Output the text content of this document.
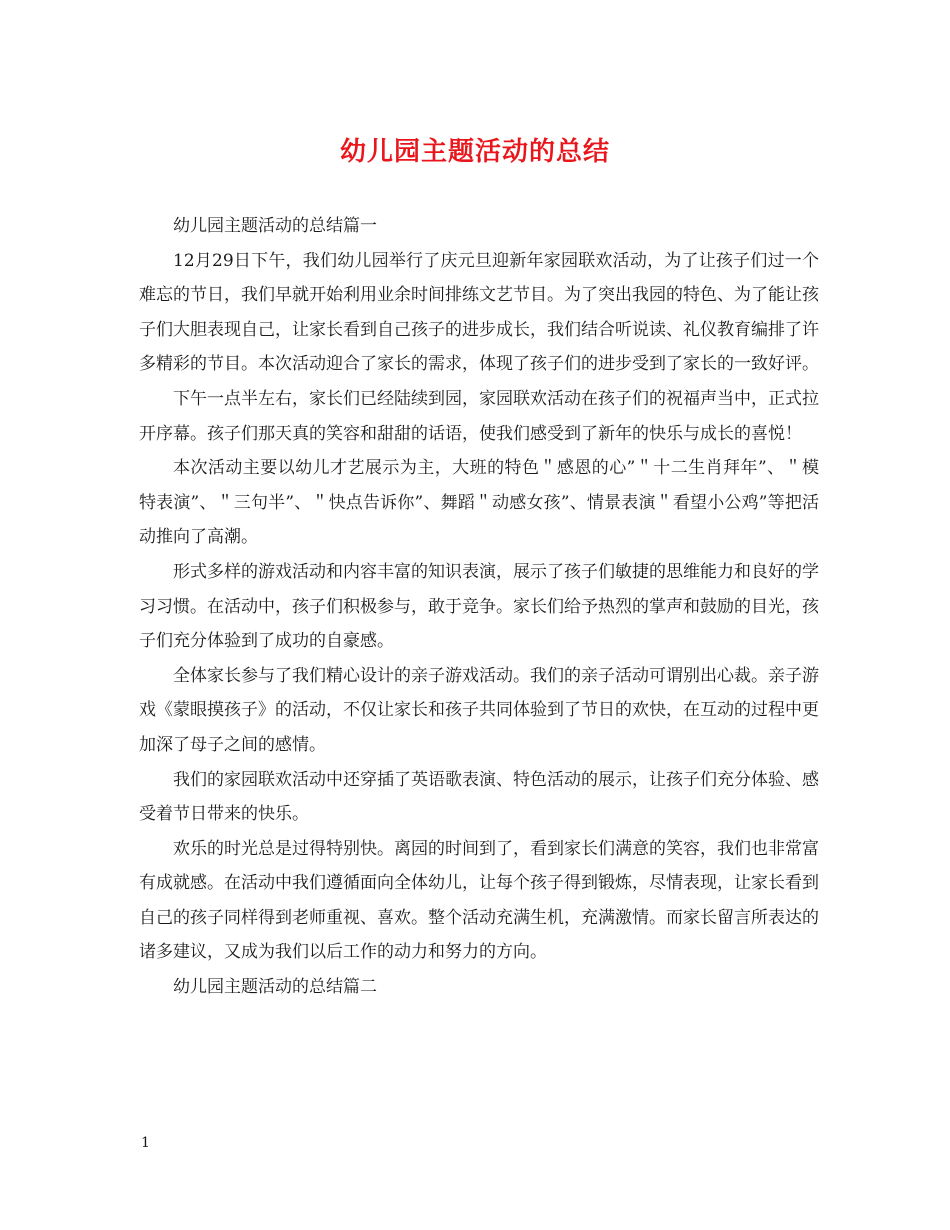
幼儿园主题活动的总结

幼儿园主题活动的总结篇一

12月29日下午，我们幼儿园举行了庆元旦迎新年家园联欢活动，为了让孩子们过一个难忘的节日，我们早就开始利用业余时间排练文艺节目。为了突出我园的特色、为了能让孩子们大胆表现自己，让家长看到自己孩子的进步成长，我们结合听说读、礼仪教育编排了许多精彩的节目。本次活动迎合了家长的需求，体现了孩子们的进步受到了家长的一致好评。

下午一点半左右，家长们已经陆续到园，家园联欢活动在孩子们的祝福声当中，正式拉开序幕。孩子们那天真的笑容和甜甜的话语，使我们感受到了新年的快乐与成长的喜悦！

本次活动主要以幼儿才艺展示为主，大班的特色＂感恩的心”＂十二生肖拜年”、＂模特表演”、＂三句半”、＂快点告诉你”、舞蹈＂动感女孩”、情景表演＂看望小公鸡”等把活动推向了高潮。

形式多样的游戏活动和内容丰富的知识表演，展示了孩子们敏捷的思维能力和良好的学习习惯。在活动中，孩子们积极参与，敢于竞争。家长们给予热烈的掌声和鼓励的目光，孩子们充分体验到了成功的自豪感。

全体家长参与了我们精心设计的亲子游戏活动。我们的亲子活动可谓别出心裁。亲子游戏《蒙眼摸孩子》的活动，不仅让家长和孩子共同体验到了节日的欢快，在互动的过程中更加深了母子之间的感情。

我们的家园联欢活动中还穿插了英语歌表演、特色活动的展示，让孩子们充分体验、感受着节日带来的快乐。

欢乐的时光总是过得特别快。离园的时间到了，看到家长们满意的笑容，我们也非常富有成就感。在活动中我们遵循面向全体幼儿，让每个孩子得到锻炼，尽情表现，让家长看到自己的孩子同样得到老师重视、喜欢。整个活动充满生机，充满激情。而家长留言所表达的诸多建议，又成为我们以后工作的动力和努力的方向。

幼儿园主题活动的总结篇二

1
